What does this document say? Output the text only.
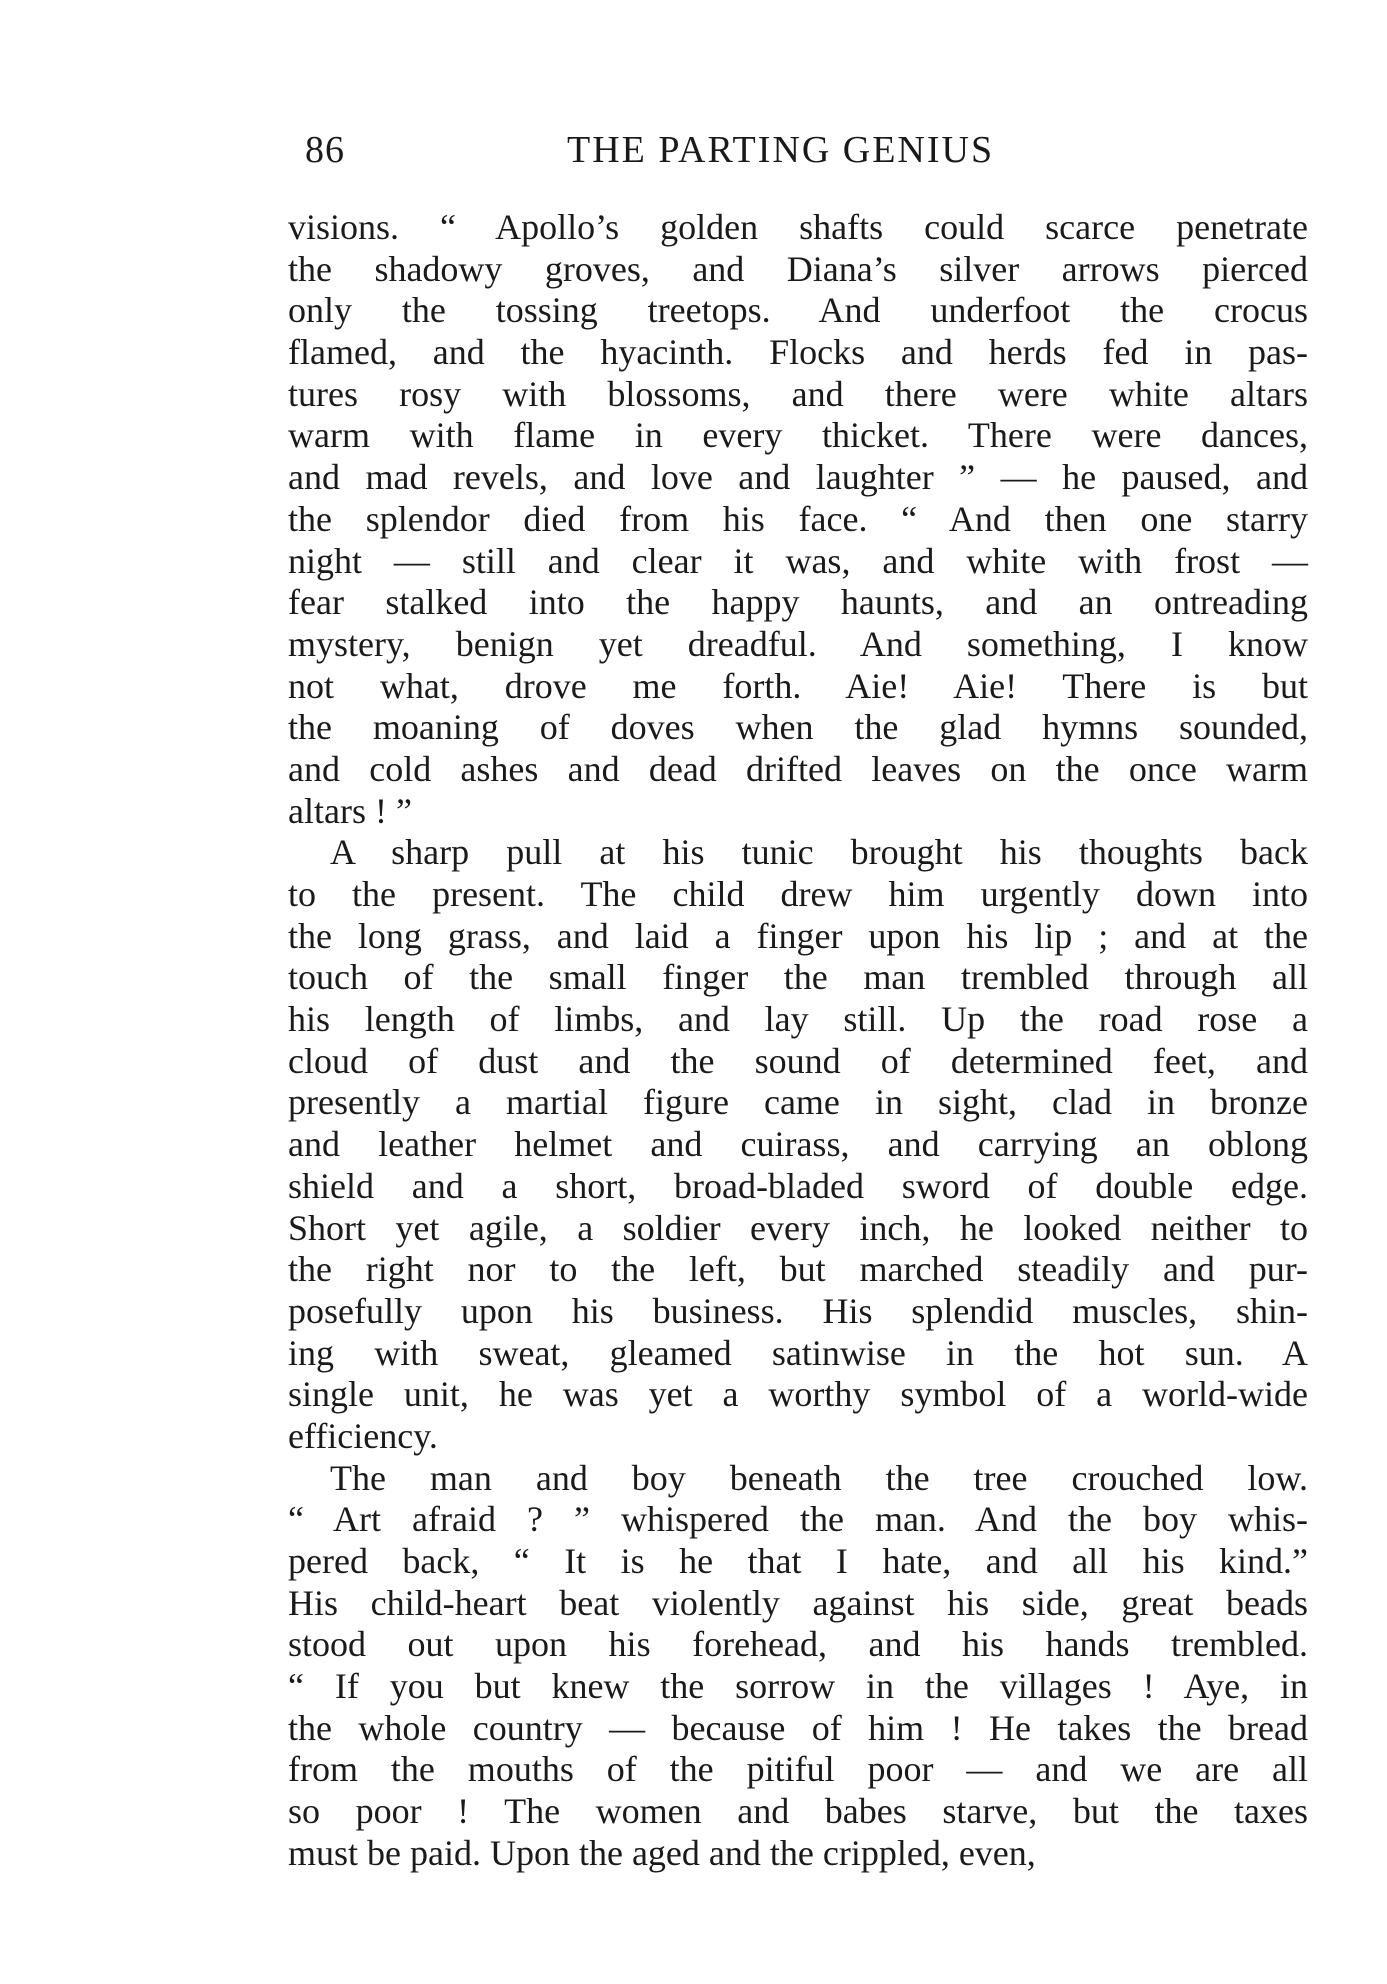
86	THE PARTING GENIUS
visions. “ Apollo’s golden shafts could scarce penetrate
the shadowy groves, and Diana’s silver arrows pierced
only the tossing treetops. And underfoot the crocus
flamed, and the hyacinth. Flocks and herds fed in pas-
tures rosy with blossoms, and there were white altars
warm with flame in every thicket. There were dances,
and mad revels, and love and laughter ” — he paused, and
the splendor died from his face. “ And then one starry
night — still and clear it was, and white with frost —
fear stalked into the happy haunts, and an ontreading
mystery, benign yet dreadful. And something, I know
not what, drove me forth. Aie! Aie! There is but
the moaning of doves when the glad hymns sounded,
and cold ashes and dead drifted leaves on the once warm
altars ! ”
A sharp pull at his tunic brought his thoughts back
to the present. The child drew him urgently down into
the long grass, and laid a finger upon his lip ; and at the
touch of the small finger the man trembled through all
his length of limbs, and lay still. Up the road rose a
cloud of dust and the sound of determined feet, and
presently a martial figure came in sight, clad in bronze
and leather helmet and cuirass, and carrying an oblong
shield and a short, broad-bladed sword of double edge.
Short yet agile, a soldier every inch, he looked neither to
the right nor to the left, but marched steadily and pur-
posefully upon his business. His splendid muscles, shin-
ing with sweat, gleamed satinwise in the hot sun. A
single unit, he was yet a worthy symbol of a world-wide
efficiency.
The man and boy beneath the tree crouched low.
“ Art afraid ? ” whispered the man. And the boy whis-
pered back, “ It is he that I hate, and all his kind.”
His child-heart beat violently against his side, great beads
stood out upon his forehead, and his hands trembled.
“ If you but knew the sorrow in the villages ! Aye, in
the whole country — because of him ! He takes the bread
from the mouths of the pitiful poor — and we are all
so poor ! The women and babes starve, but the taxes
must be paid. Upon the aged and the crippled, even,
